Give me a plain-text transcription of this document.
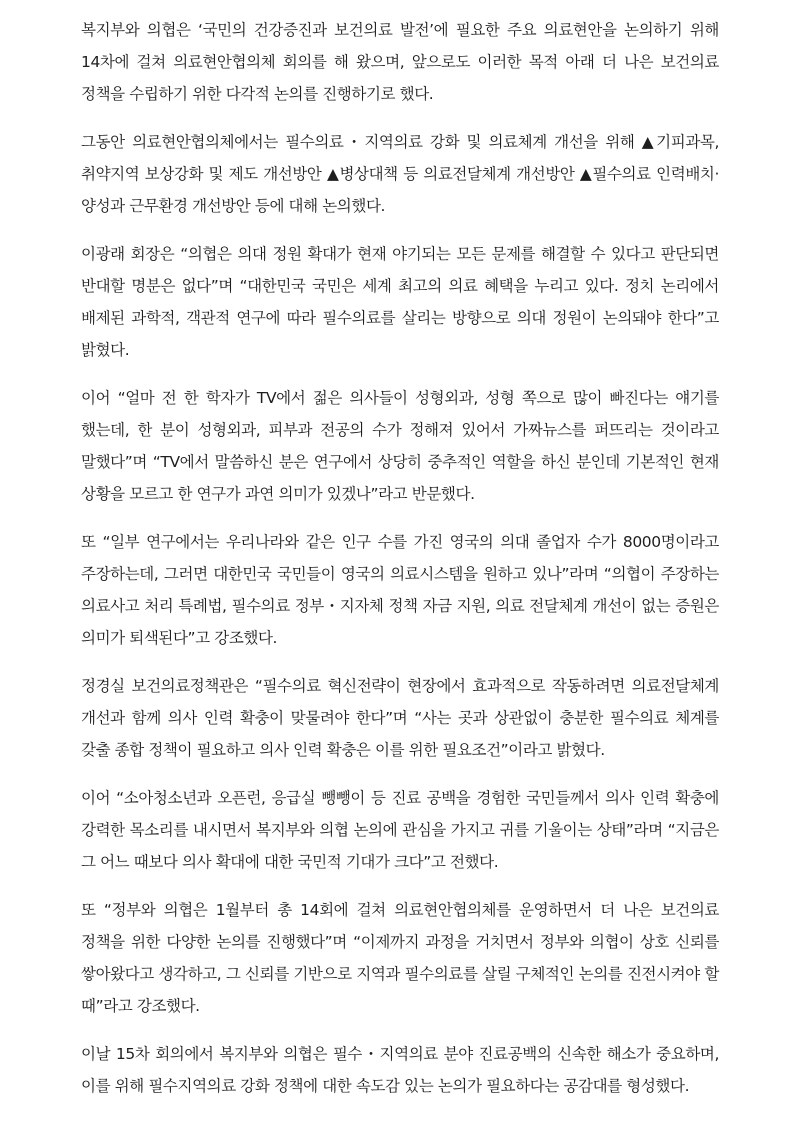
복지부와 의협은 ‘국민의 건강증진과 보건의료 발전’에 필요한 주요 의료현안을 논의하기 위해 14차에 걸쳐 의료현안협의체 회의를 해 왔으며, 앞으로도 이러한 목적 아래 더 나은 보건의료 정책을 수립하기 위한 다각적 논의를 진행하기로 했다.

그동안 의료현안협의체에서는 필수의료・지역의료 강화 및 의료체계 개선을 위해 ▲기피과목, 취약지역 보상강화 및 제도 개선방안 ▲병상대책 등 의료전달체계 개선방안 ▲필수의료 인력배치·양성과 근무환경 개선방안 등에 대해 논의했다.

이광래 회장은 “의협은 의대 정원 확대가 현재 야기되는 모든 문제를 해결할 수 있다고 판단되면 반대할 명분은 없다”며 “대한민국 국민은 세계 최고의 의료 혜택을 누리고 있다. 정치 논리에서 배제된 과학적, 객관적 연구에 따라 필수의료를 살리는 방향으로 의대 정원이 논의돼야 한다”고 밝혔다.

이어 “얼마 전 한 학자가 TV에서 젊은 의사들이 성형외과, 성형 쪽으로 많이 빠진다는 얘기를 했는데, 한 분이 성형외과, 피부과 전공의 수가 정해져 있어서 가짜뉴스를 퍼뜨리는 것이라고 말했다”며 “TV에서 말씀하신 분은 연구에서 상당히 중추적인 역할을 하신 분인데 기본적인 현재 상황을 모르고 한 연구가 과연 의미가 있겠나”라고 반문했다.

또 “일부 연구에서는 우리나라와 같은 인구 수를 가진 영국의 의대 졸업자 수가 8000명이라고 주장하는데, 그러면 대한민국 국민들이 영국의 의료시스템을 원하고 있나”라며 “의협이 주장하는 의료사고 처리 특례법, 필수의료 정부・지자체 정책 자금 지원, 의료 전달체계 개선이 없는 증원은 의미가 퇴색된다”고 강조했다.

정경실 보건의료정책관은 “필수의료 혁신전략이 현장에서 효과적으로 작동하려면 의료전달체계 개선과 함께 의사 인력 확충이 맞물려야 한다”며 “사는 곳과 상관없이 충분한 필수의료 체계를 갖출 종합 정책이 필요하고 의사 인력 확충은 이를 위한 필요조건”이라고 밝혔다.

이어 “소아청소년과 오픈런, 응급실 뺑뺑이 등 진료 공백을 경험한 국민들께서 의사 인력 확충에 강력한 목소리를 내시면서 복지부와 의협 논의에 관심을 가지고 귀를 기울이는 상태”라며 “지금은 그 어느 때보다 의사 확대에 대한 국민적 기대가 크다”고 전했다.

또 “정부와 의협은 1월부터 총 14회에 걸쳐 의료현안협의체를 운영하면서 더 나은 보건의료 정책을 위한 다양한 논의를 진행했다”며 “이제까지 과정을 거치면서 정부와 의협이 상호 신뢰를 쌓아왔다고 생각하고, 그 신뢰를 기반으로 지역과 필수의료를 살릴 구체적인 논의를 진전시켜야 할 때”라고 강조했다.

이날 15차 회의에서 복지부와 의협은 필수・지역의료 분야 진료공백의 신속한 해소가 중요하며, 이를 위해 필수지역의료 강화 정책에 대한 속도감 있는 논의가 필요하다는 공감대를 형성했다.
